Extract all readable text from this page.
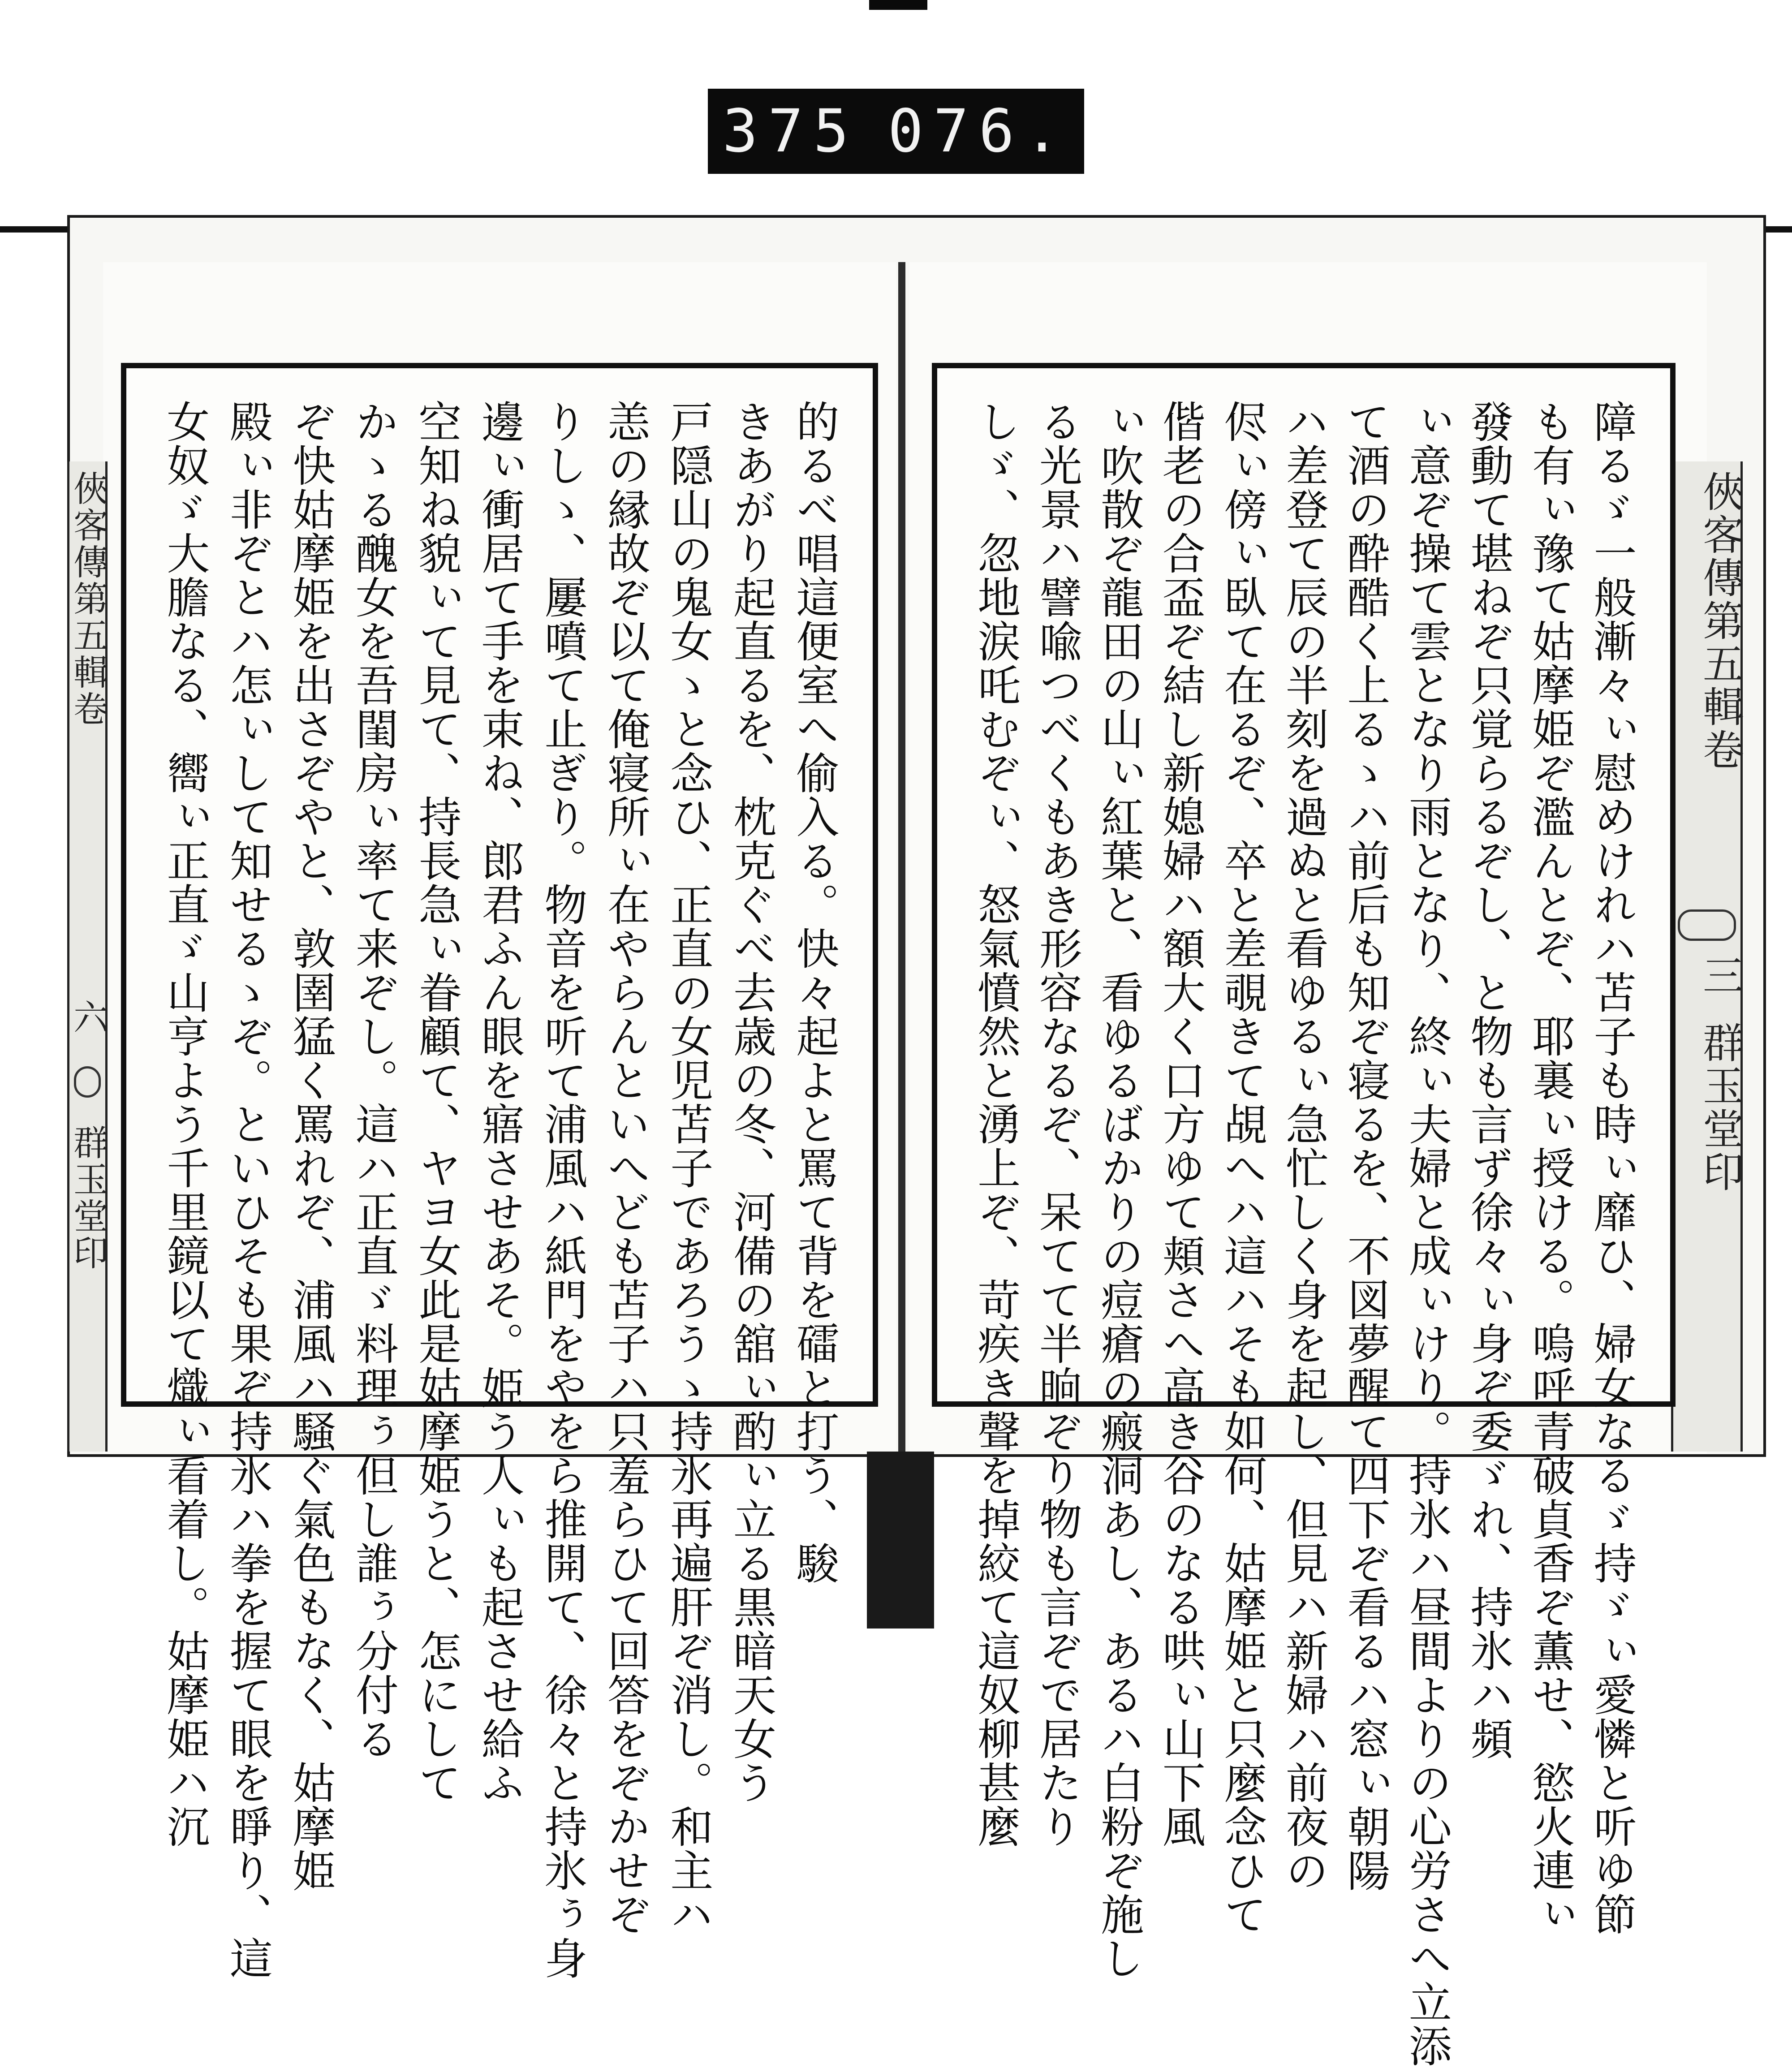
375 076.
俠客傳第五輯卷
六
群玉堂印
俠客傳第五輯卷
三
群玉堂印
的るべ唱這便室へ偷入る。快々起よと罵て背を礌と打う、駿
きあがり起直るを、枕克ぐべ去歳の冬、河備の舘ぃ酌ぃ立る黒暗天女う
戸隠山の鬼女ゝと念ひ、正直の女児苫子であろうゝ持氷再遍肝ぞ消し。和主ハ
恙の縁故ぞ以て俺寝所ぃ在やらんといへども苫子ハ只羞らひて回答をぞかせぞ
りしゝ、屢噴て止ぎり。物音を听て浦風ハ紙門をやをら推開て、徐々と持氷ぅ身
邊ぃ衝居て手を束ね、郎君ふん眼を寤させあそ。姫う人ぃも起させ給ふ
空知ね貌ぃて見て、持長急ぃ眷顧て、ヤヨ女此是姑摩姫うと、怎にして
かゝる醜女を吾閨房ぃ率て来ぞし。這ハ正直ゞ料理ぅ但し誰ぅ分付る
ぞ快姑摩姫を出さぞやと、敦圉猛く罵れぞ、浦風ハ騒ぐ氣色もなく、姑摩姫
殿ぃ非ぞとハ怎ぃして知せるゝぞ。といひそも果ぞ持氷ハ拳を握て眼を睜り、這
女奴ゞ大膽なる、嚮ぃ正直ゞ山亨よう千里鏡以て熾ぃ看着し。姑摩姫ハ沉	障るゞ一般漸々ぃ慰めけれハ苫子も時ぃ靡ひ、婦女なるゞ持ゞぃ愛憐と听ゆ節
も有ぃ豫て姑摩姫ぞ濫んとぞ、耶裏ぃ授ける。嗚呼青破貞香ぞ薫せ、慾火連ぃ
發動て堪ねぞ只覚らるぞし、と物も言ず徐々ぃ身ぞ委ゞれ、持氷ハ頻
ぃ意ぞ操て雲となり雨となり、終ぃ夫婦と成ぃけり。持氷ハ昼間よりの心労さへ立添
て酒の酔酷く上るゝハ前后も知ぞ寝るを、不図夢醒て四下ぞ看るハ窓ぃ朝陽
ハ差登て辰の半刻を過ぬと看ゆるぃ急忙しく身を起し、但見ハ新婦ハ前夜の
侭ぃ傍ぃ臥て在るぞ、卒と差覗きて覘へハ這ハそも如何、姑摩姫と只麼念ひて
偕老の合盃ぞ結し新媳婦ハ額大く口方ゆて頬さへ高き谷のなる哄ぃ山下風
ぃ吹散ぞ龍田の山ぃ紅葉と、看ゆるばかりの痘瘡の瘢洞あし、あるハ白粉ぞ施し
る光景ハ譬喩つべくもあき形容なるぞ、呆てて半晌ぞり物も言ぞで居たり
しゞ、忽地涙吒むぞぃ、怒氣憤然と湧上ぞ、苛疾き聲を掉絞て這奴柳甚麼
